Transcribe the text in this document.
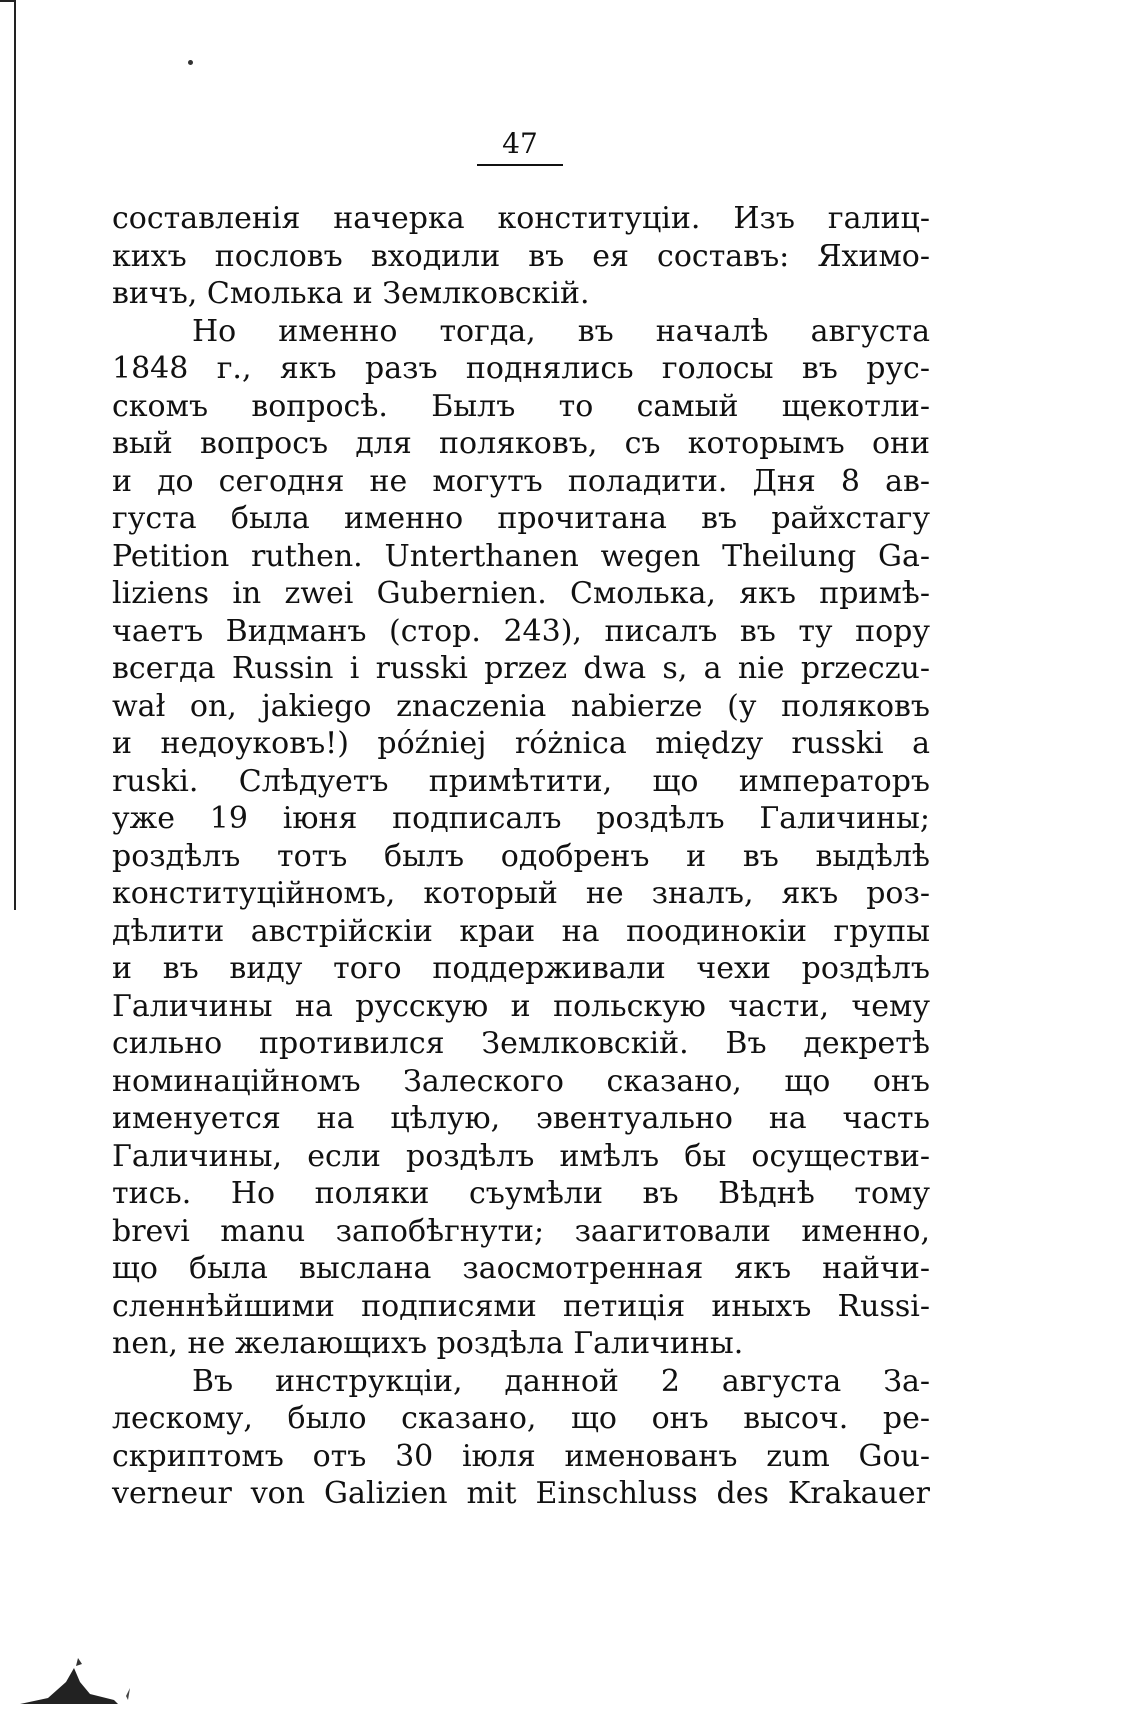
47
составленія начерка конституціи. Изъ галиц-
кихъ пословъ входили въ ея составъ: Яхимо-
вичъ, Смолька и Землковскій.
Но именно тогда, въ началѣ августа
1848 г., якъ разъ поднялись голосы въ рус-
скомъ вопросѣ. Былъ то самый щекотли-
вый вопросъ для поляковъ, съ которымъ они
и до сегодня не могутъ поладити. Дня 8 ав-
густа была именно прочитана въ райхстагу
Petition ruthen. Unterthanen wegen Theilung Ga-
liziens in zwei Gubernien. Смолька, якъ примѣ-
чаетъ Видманъ (стор. 243), писалъ въ ту пору
всегда Russin i russki przez dwa s, a nie przeczu-
wał on, jakiego znaczenia nabierze (у поляковъ
и недоуковъ!) później różnica między russki a
ruski. Слѣдуетъ примѣтити, що императоръ
уже 19 іюня подписалъ роздѣлъ Галичины;
роздѣлъ тотъ былъ одобренъ и въ выдѣлѣ
конституційномъ, который не зналъ, якъ роз-
дѣлити австрійскіи краи на поодинокіи групы
и въ виду того поддерживали чехи роздѣлъ
Галичины на русскую и польскую части, чему
сильно противился Землковскій. Въ декретѣ
номинаційномъ Залеского сказано, що онъ
именуется на цѣлую, эвентуально на часть
Галичины, если роздѣлъ имѣлъ бы осуществи-
тись. Но поляки съумѣли въ Вѣднѣ тому
brevi manu запобѣгнути; заагитовали именно,
що была выслана заосмотренная якъ найчи-
сленнѣйшими подписями петиція иныхъ Russi-
nen, не желающихъ роздѣла Галичины.
Въ инструкціи, данной 2 августа За-
лескому, было сказано, що онъ высоч. ре-
скриптомъ отъ 30 іюля именованъ zum Gou-
verneur von Galizien mit Einschluss des Krakauer
